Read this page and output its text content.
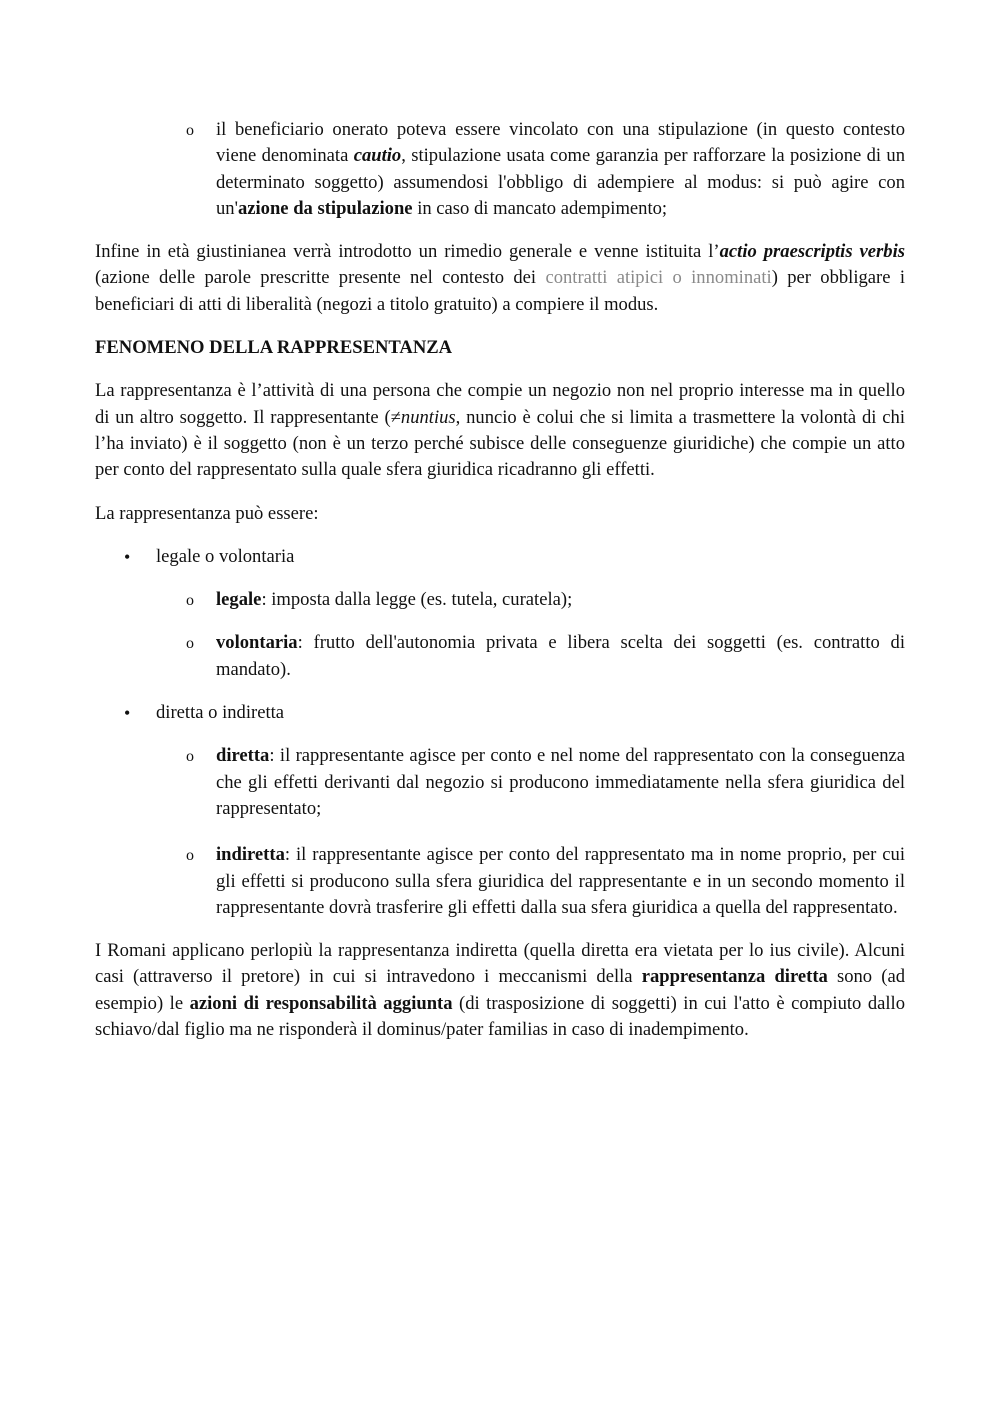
o il beneficiario onerato poteva essere vincolato con una stipulazione (in questo contesto viene denominata cautio, stipulazione usata come garanzia per rafforzare la posizione di un determinato soggetto) assumendosi l'obbligo di adempiere al modus: si può agire con un'azione da stipulazione in caso di mancato adempimento;

Infine in età giustinianea verrà introdotto un rimedio generale e venne istituita l’actio praescriptis verbis (azione delle parole prescritte presente nel contesto dei contratti atipici o innominati) per obbligare i beneficiari di atti di liberalità (negozi a titolo gratuito) a compiere il modus.

FENOMENO DELLA RAPPRESENTANZA

La rappresentanza è l’attività di una persona che compie un negozio non nel proprio interesse ma in quello di un altro soggetto. Il rappresentante (≠nuntius, nuncio è colui che si limita a trasmettere la volontà di chi l’ha inviato) è il soggetto (non è un terzo perché subisce delle conseguenze giuridiche) che compie un atto per conto del rappresentato sulla quale sfera giuridica ricadranno gli effetti.

La rappresentanza può essere:

• legale o volontaria
o legale: imposta dalla legge (es. tutela, curatela);
o volontaria: frutto dell'autonomia privata e libera scelta dei soggetti (es. contratto di mandato).
• diretta o indiretta
o diretta: il rappresentante agisce per conto e nel nome del rappresentato con la conseguenza che gli effetti derivanti dal negozio si producono immediatamente nella sfera giuridica del rappresentato;
o indiretta: il rappresentante agisce per conto del rappresentato ma in nome proprio, per cui gli effetti si producono sulla sfera giuridica del rappresentante e in un secondo momento il rappresentante dovrà trasferire gli effetti dalla sua sfera giuridica a quella del rappresentato.

I Romani applicano perlopiù la rappresentanza indiretta (quella diretta era vietata per lo ius civile). Alcuni casi (attraverso il pretore) in cui si intravedono i meccanismi della rappresentanza diretta sono (ad esempio) le azioni di responsabilità aggiunta (di trasposizione di soggetti) in cui l'atto è compiuto dallo schiavo/dal figlio ma ne risponderà il dominus/pater familias in caso di inadempimento.
